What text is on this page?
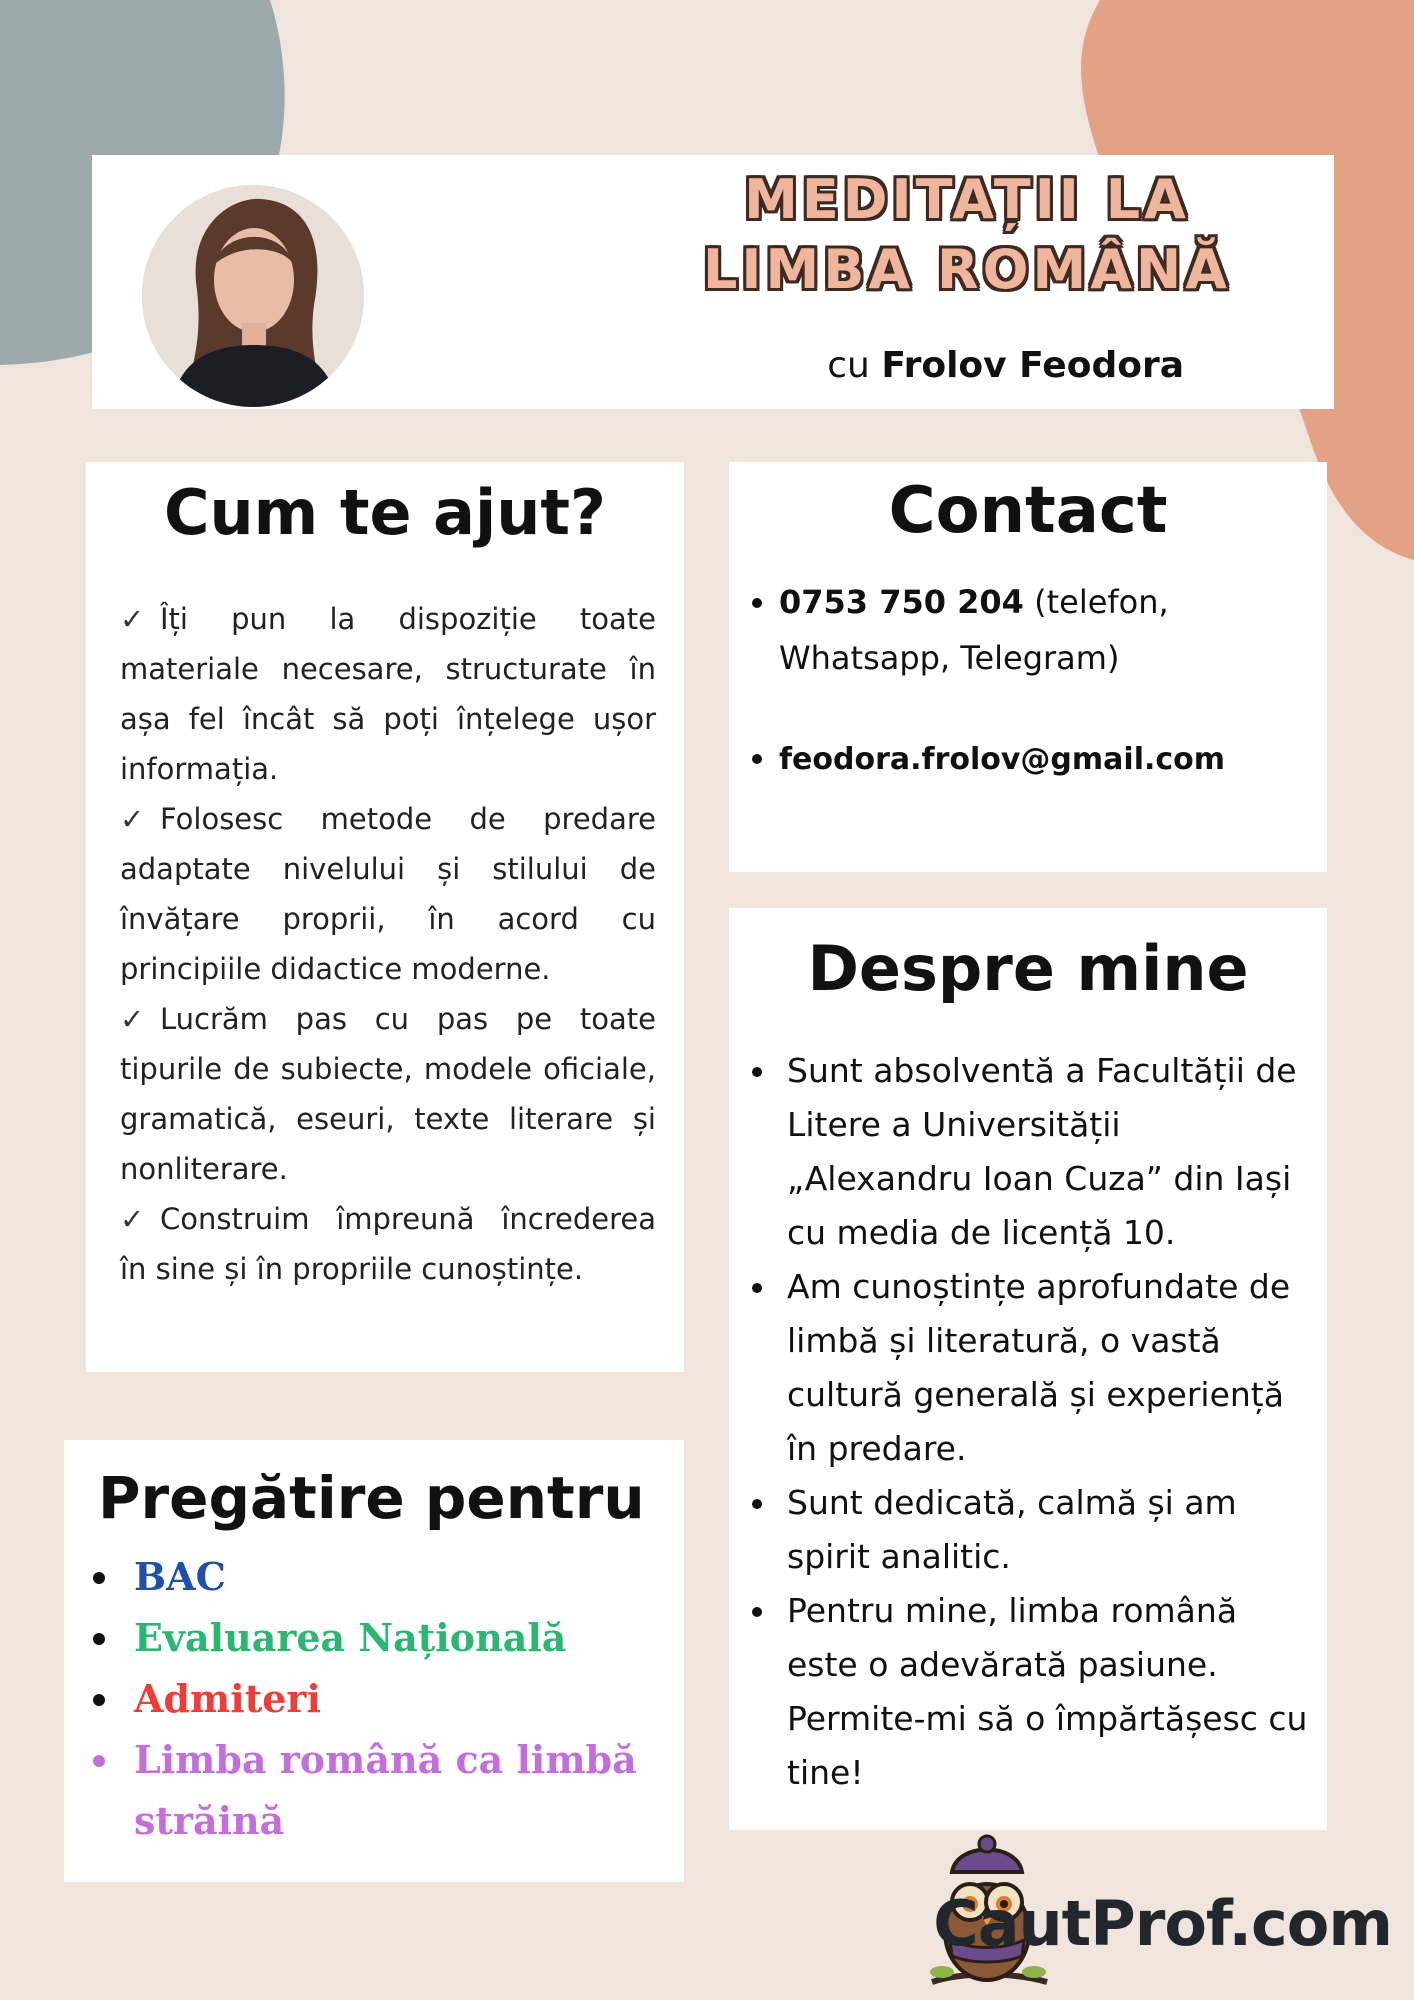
MEDITAȚII LA
LIMBA ROMÂNĂ
cu Frolov Feodora
Cum te ajut?

✓ Îți pun la dispoziție toate materiale necesare, structurate în așa fel încât să poți înțelege ușor informația.

✓ Folosesc metode de predare adaptate nivelului și stilului de învățare proprii, în acord cu principiile didactice moderne.

✓ Lucrăm pas cu pas pe toate tipurile de subiecte, modele oficiale, gramatică, eseuri, texte literare și nonliterare.

✓ Construim împreună încrederea în sine și în propriile cunoștințe.

Contact
• 0753 750 204 (telefon, Whatsapp, Telegram)
• feodora.frolov@gmail.com
Despre mine
• Sunt absolventă a Facultății de Litere a Universității „Alexandru Ioan Cuza” din Iași cu media de licență 10.
• Am cunoștințe aprofundate de limbă și literatură, o vastă cultură generală și experiență în predare.
• Sunt dedicată, calmă și am spirit analitic.
• Pentru mine, limba română este o adevărată pasiune. Permite-mi să o împărtășesc cu tine!
Pregătire pentru
• BAC
• Evaluarea Națională
• Admiteri
• Limba română ca limbă străină
CautProf.com
